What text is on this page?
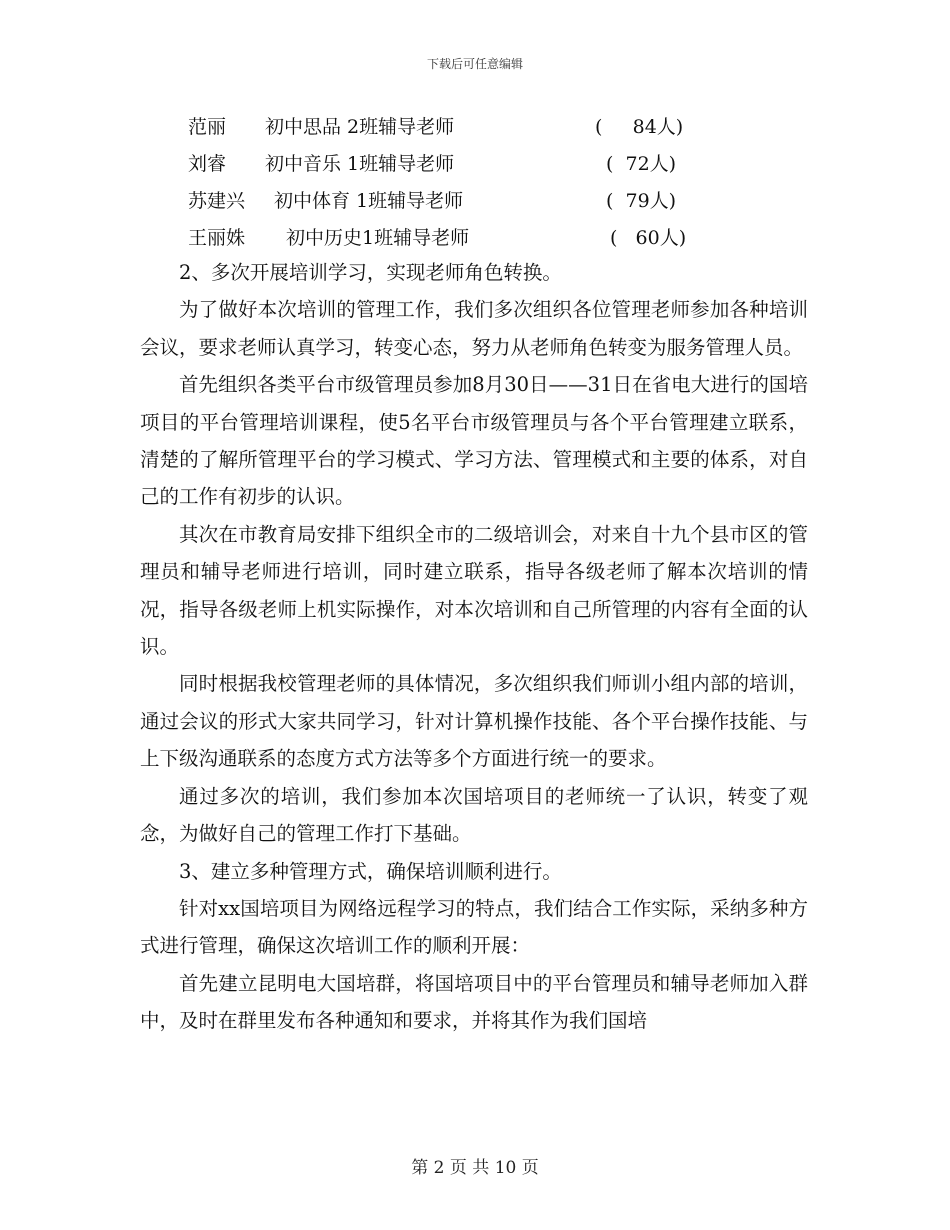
下载后可任意编辑
范丽 初中思品 2班辅导老师	(     84人)
刘睿 初中音乐 1班辅导老师	(  72人)
苏建兴 初中体育 1班辅导老师	(  79人)
王丽姝 初中历史1班辅导老师	(   60人)

2、多次开展培训学习，实现老师角色转换。

为了做好本次培训的管理工作，我们多次组织各位管理老师参加各种培训会议，要求老师认真学习，转变心态，努力从老师角色转变为服务管理人员。

首先组织各类平台市级管理员参加8月30日——31日在省电大进行的国培项目的平台管理培训课程，使5名平台市级管理员与各个平台管理建立联系，清楚的了解所管理平台的学习模式、学习方法、管理模式和主要的体系，对自己的工作有初步的认识。

其次在市教育局安排下组织全市的二级培训会，对来自十九个县市区的管理员和辅导老师进行培训，同时建立联系，指导各级老师了解本次培训的情况，指导各级老师上机实际操作，对本次培训和自己所管理的内容有全面的认识。

同时根据我校管理老师的具体情况，多次组织我们师训小组内部的培训，通过会议的形式大家共同学习，针对计算机操作技能、各个平台操作技能、与上下级沟通联系的态度方式方法等多个方面进行统一的要求。

通过多次的培训，我们参加本次国培项目的老师统一了认识，转变了观念，为做好自己的管理工作打下基础。

3、建立多种管理方式，确保培训顺利进行。

针对xx国培项目为网络远程学习的特点，我们结合工作实际，采纳多种方式进行管理，确保这次培训工作的顺利开展：

首先建立昆明电大国培群，将国培项目中的平台管理员和辅导老师加入群中，及时在群里发布各种通知和要求，并将其作为我们国培

第 2 页 共 10 页
